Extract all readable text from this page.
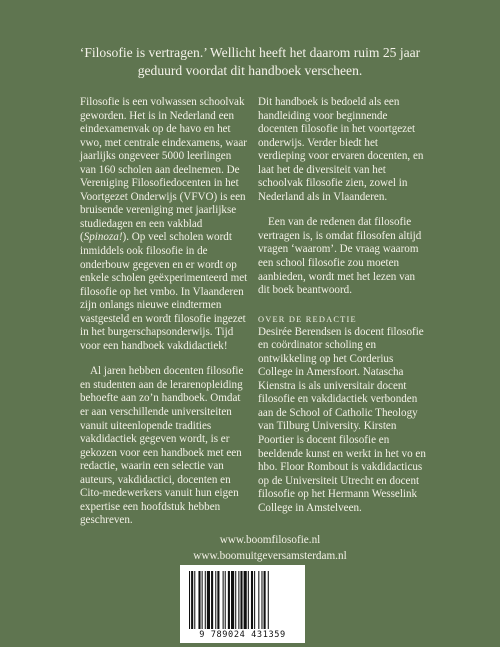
‘Filosofie is vertragen.’ Wellicht heeft het daarom ruim 25 jaar
geduurd voordat dit handboek verscheen.

Filosofie is een volwassen schoolvak geworden. Het is in Nederland een eindexamenvak op de havo en het vwo, met centrale eindexamens, waar jaarlijks ongeveer 5000 leerlingen van 160 scholen aan deelnemen. De Vereniging Filosofiedocenten in het Voortgezet Onderwijs (VFVO) is een bruisende vereniging met jaarlijkse studiedagen en een vakblad (Spinoza!). Op veel scholen wordt inmiddels ook filosofie in de onderbouw gegeven en er wordt op enkele scholen geëxperimenteerd met filosofie op het vmbo. In Vlaanderen zijn onlangs nieuwe eindtermen vastgesteld en wordt filosofie ingezet in het burgerschapsonderwijs. Tijd voor een handboek vakdidactiek!

Al jaren hebben docenten filosofie en studenten aan de lerarenopleiding behoefte aan zo’n handboek. Omdat er aan verschillende universiteiten vanuit uiteenlopende tradities vakdidactiek gegeven wordt, is er gekozen voor een handboek met een redactie, waarin een selectie van auteurs, vakdidactici, docenten en Cito-medewerkers vanuit hun eigen expertise een hoofdstuk hebben geschreven.

Dit handboek is bedoeld als een handleiding voor beginnende docenten filosofie in het voortgezet onderwijs. Verder biedt het verdieping voor ervaren docenten, en laat het de diversiteit van het schoolvak filosofie zien, zowel in Nederland als in Vlaanderen.

Een van de redenen dat filosofie vertragen is, is omdat filosofen altijd vragen ‘waarom’. De vraag waarom een school filosofie zou moeten aanbieden, wordt met het lezen van dit boek beantwoord.

OVER DE REDACTIE

Desirée Berendsen is docent filosofie en coördinator scholing en ontwikkeling op het Corderius College in Amersfoort. Natascha Kienstra is als universitair docent filosofie en vakdidactiek verbonden aan de School of Catholic Theology van Tilburg University. Kirsten Poortier is docent filosofie en beeldende kunst en werkt in het vo en hbo. Floor Rombout is vakdidacticus op de Universiteit Utrecht en docent filosofie op het Hermann Wesselink College in Amstelveen.

www.boomfilosofie.nl
www.boomuitgeversamsterdam.nl
9 789024 431359
